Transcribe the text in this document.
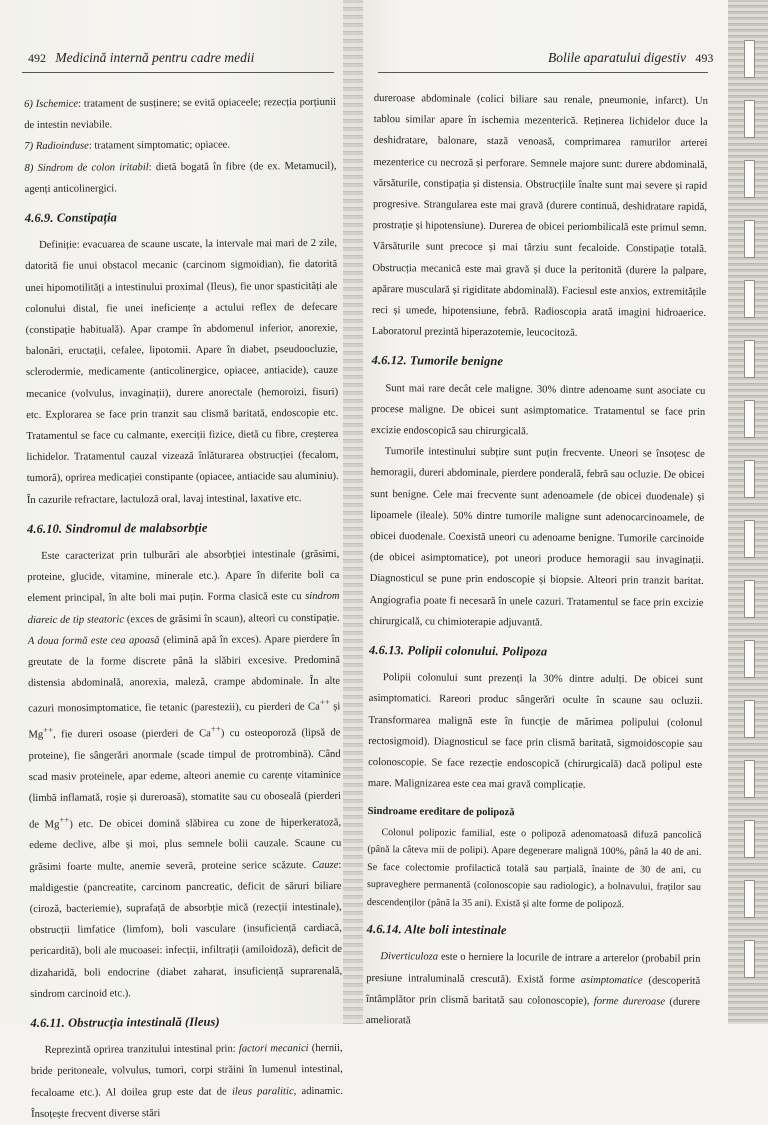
492 Medicină internă pentru cadre medii	Bolile aparatului digestiv 493

6) Ischemice: tratament de susținere; se evită opiaceele; rezecția porțiunii de intestin neviabile.

7) Radioinduse: tratament simptomatic; opiacee.

8) Sindrom de colon iritabil: dietă bogată în fibre (de ex. Metamucil), agenți anticolinergici.

4.6.9. Constipația

Definiție: evacuarea de scaune uscate, la intervale mai mari de 2 zile, datorită fie unui obstacol mecanic (carcinom sigmoidian), fie datorită unei hipomotilități a intestinului proximal (Ileus), fie unor spasticități ale colonului distal, fie unei ineficiențe a actului reflex de defecare (constipație habituală). Apar crampe în abdomenul inferior, anorexie, balonări, eructații, cefalee, lipotomii. Apare în diabet, pseudoocluzie, sclerodermie, medicamente (anticolinergice, opiacee, antiacide), cauze mecanice (volvulus, invaginații), durere anorectale (hemoroizi, fisuri) etc. Explorarea se face prin tranzit sau clismă baritată, endoscopie etc. Tratamentul se face cu calmante, exerciții fizice, dietă cu fibre, creșterea lichidelor. Tratamentul cauzal vizează înlăturarea obstrucției (fecalom, tumoră), oprirea medicației constipante (opiacee, antiacide sau aluminiu). În cazurile refractare, lactuloză oral, lavaj intestinal, laxative etc.

4.6.10. Sindromul de malabsorbție

Este caracterizat prin tulburări ale absorbției intestinale (grăsimi, proteine, glucide, vitamine, minerale etc.). Apare în diferite boli ca element principal, în alte boli mai puțin. Forma clasică este cu sindrom diareic de tip steatoric (exces de grăsimi în scaun), alteori cu constipație. A doua formă este cea apoasă (elimină apă în exces). Apare pierdere în greutate de la forme discrete până la slăbiri excesive. Predomină distensia abdominală, anorexia, maleză, crampe abdominale. În alte cazuri monosimptomatice, fie tetanic (parestezii), cu pierderi de Ca++ și Mg++, fie dureri osoase (pierderi de Ca++) cu osteoporoză (lipsă de proteine), fie sângerări anormale (scade timpul de protrombină). Când scad masiv proteinele, apar edeme, alteori anemie cu carențe vitaminice (limbă inflamată, roșie și dureroasă), stomatite sau cu oboseală (pierderi de Mg++) etc. De obicei domină slăbirea cu zone de hiperkeratoză, edeme declive, albe și moi, plus semnele bolii cauzale. Scaune cu grăsimi foarte multe, anemie severă, proteine serice scăzute. Cauze: maldigestie (pancreatite, carcinom pancreatic, deficit de săruri biliare (ciroză, bacteriemie), suprafață de absorbție mică (rezecții intestinale), obstrucții limfatice (limfom), boli vasculare (insuficiență cardiacă, pericardită), boli ale mucoasei: infecții, infiltrații (amiloidoză), deficit de dizaharidă, boli endocrine (diabet zaharat, insuficiență suprarenală, sindrom carcinoid etc.).

4.6.11. Obstrucția intestinală (Ileus)

Reprezintă oprirea tranzitului intestinal prin: factori mecanici (hernii, bride peritoneale, volvulus, tumori, corpi străini în lumenul intestinal, fecaloame etc.). Al doilea grup este dat de ileus paralitic, adinamic. Însoțește frecvent diverse stări

dureroase abdominale (colici biliare sau renale, pneumonie, infarct). Un tablou similar apare în ischemia mezenterică. Reținerea lichidelor duce la deshidratare, balonare, stază venoasă, comprimarea ramurilor arterei mezenterice cu necroză și perforare. Semnele majore sunt: durere abdominală, vărsăturile, constipația și distensia. Obstrucțiile înalte sunt mai severe și rapid progresive. Strangularea este mai gravă (durere continuă, deshidratare rapidă, prostrație și hipotensiune). Durerea de obicei periombilicală este primul semn. Vărsăturile sunt precoce și mai târziu sunt fecaloide. Constipație totală. Obstrucția mecanică este mai gravă și duce la peritonită (durere la palpare, apărare musculară și rigiditate abdominală). Faciesul este anxios, extremitățile reci și umede, hipotensiune, febră. Radioscopia arată imagini hidroaerice. Laboratorul prezintă hiperazotemie, leucocitoză.

4.6.12. Tumorile benigne

Sunt mai rare decât cele maligne. 30% dintre adenoame sunt asociate cu procese maligne. De obicei sunt asimptomatice. Tratamentul se face prin excizie endoscopică sau chirurgicală.

Tumorile intestinului subțire sunt puțin frecvente. Uneori se însoțesc de hemoragii, dureri abdominale, pierdere ponderală, febră sau ocluzie. De obicei sunt benigne. Cele mai frecvente sunt adenoamele (de obicei duodenale) și lipoamele (ileale). 50% dintre tumorile maligne sunt adenocarcinoamele, de obicei duodenale. Coexistă uneori cu adenoame benigne. Tumorile carcinoide (de obicei asimptomatice), pot uneori produce hemoragii sau invaginații. Diagnosticul se pune prin endoscopie și biopsie. Alteori prin tranzit baritat. Angiografia poate fi necesară în unele cazuri. Tratamentul se face prin excizie chirurgicală, cu chimioterapie adjuvantă.

4.6.13. Polipii colonului. Polipoza

Polipii colonului sunt prezenți la 30% dintre adulți. De obicei sunt asimptomatici. Rareori produc sângerări oculte în scaune sau ocluzii. Transformarea malignă este în funcție de mărimea polipului (colonul rectosigmoid). Diagnosticul se face prin clismă baritată, sigmoidoscopie sau colonoscopie. Se face rezecție endoscopică (chirurgicală) dacă polipul este mare. Malignizarea este cea mai gravă complicație.

Sindroame ereditare de polipoză

Colonul polipozic familial, este o polipoză adenomatoasă difuză pancolică (până la câteva mii de polipi). Apare degenerare malignă 100%, până la 40 de ani. Se face colectomie profilactică totală sau parțială, înainte de 30 de ani, cu supraveghere permanentă (colonoscopie sau radiologic), a bolnavului, fraților sau descendenților (până la 35 ani). Există și alte forme de polipoză.

4.6.14. Alte boli intestinale

Diverticuloza este o herniere la locurile de intrare a arterelor (probabil prin presiune intraluminală crescută). Există forme asimptomatice (descoperită întâmplător prin clismă baritată sau colonoscopie), forme dureroase (durere ameliorată
